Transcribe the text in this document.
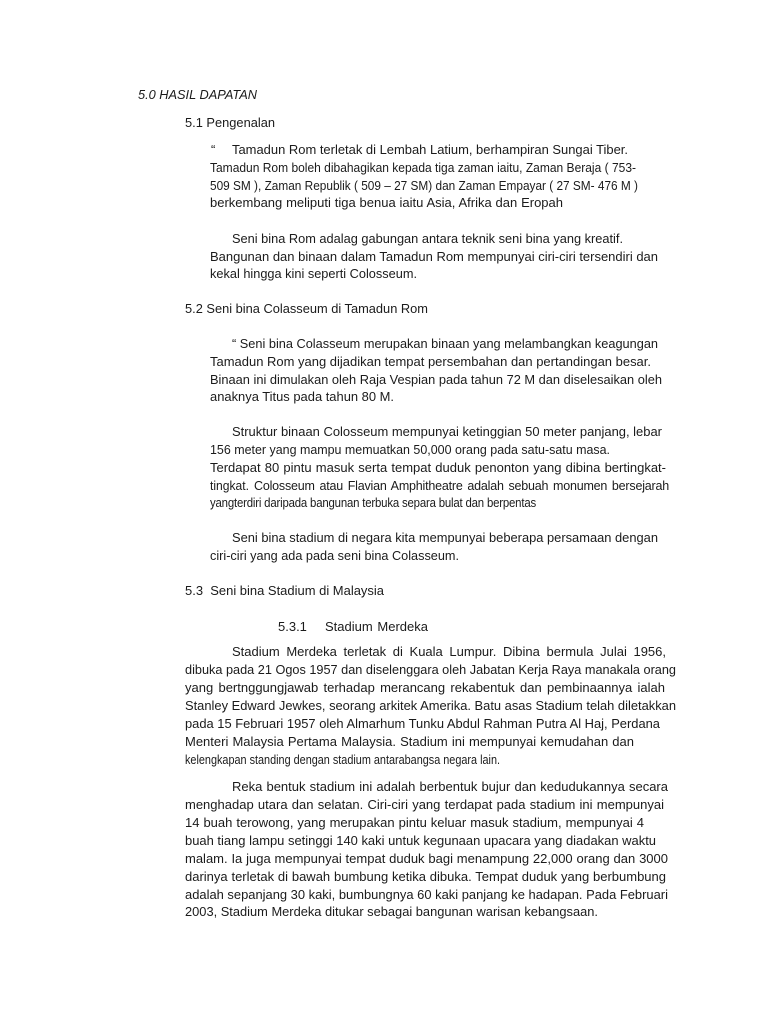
5.0 HASIL DAPATAN
5.1 Pengenalan
“ Tamadun Rom terletak di Lembah Latium, berhampiran Sungai Tiber.
Tamadun Rom boleh dibahagikan kepada tiga zaman iaitu, Zaman Beraja ( 753-
509 SM ), Zaman Republik ( 509 – 27 SM) dan Zaman Empayar ( 27 SM- 476 M )
berkembang meliputi tiga benua iaitu Asia, Afrika dan Eropah
Seni bina Rom adalag gabungan antara teknik seni bina yang kreatif.
Bangunan dan binaan dalam Tamadun Rom mempunyai ciri-ciri tersendiri dan
kekal hingga kini seperti Colosseum.
5.2 Seni bina Colasseum di Tamadun Rom
“ Seni bina Colasseum merupakan binaan yang melambangkan keagungan
Tamadun Rom yang dijadikan tempat persembahan dan pertandingan besar.
Binaan ini dimulakan oleh Raja Vespian pada tahun 72 M dan diselesaikan oleh
anaknya Titus pada tahun 80 M.
Struktur binaan Colosseum mempunyai ketinggian 50 meter panjang, lebar
156 meter yang mampu memuatkan 50,000 orang pada satu-satu masa.
Terdapat 80 pintu masuk serta tempat duduk penonton yang dibina bertingkat-
tingkat. Colosseum atau Flavian Amphitheatre adalah sebuah monumen bersejarah
yangterdiri daripada bangunan terbuka separa bulat dan berpentas
Seni bina stadium di negara kita mempunyai beberapa persamaan dengan
ciri-ciri yang ada pada seni bina Colasseum.
5.3  Seni bina Stadium di Malaysia
5.3.1 Stadium Merdeka
Stadium Merdeka terletak di Kuala Lumpur. Dibina bermula Julai 1956,
dibuka pada 21 Ogos 1957 dan diselenggara oleh Jabatan Kerja Raya manakala orang
yang bertnggungjawab terhadap merancang rekabentuk dan pembinaannya ialah
Stanley Edward Jewkes, seorang arkitek Amerika. Batu asas Stadium telah diletakkan
pada 15 Februari 1957 oleh Almarhum Tunku Abdul Rahman Putra Al Haj, Perdana
Menteri Malaysia Pertama Malaysia. Stadium ini mempunyai kemudahan dan
kelengkapan standing dengan stadium antarabangsa negara lain.
Reka bentuk stadium ini adalah berbentuk bujur dan kedudukannya secara
menghadap utara dan selatan. Ciri-ciri yang terdapat pada stadium ini mempunyai
14 buah terowong, yang merupakan pintu keluar masuk stadium, mempunyai 4
buah tiang lampu setinggi 140 kaki untuk kegunaan upacara yang diadakan waktu
malam. Ia juga mempunyai tempat duduk bagi menampung 22,000 orang dan 3000
darinya terletak di bawah bumbung ketika dibuka. Tempat duduk yang berbumbung
adalah sepanjang 30 kaki, bumbungnya 60 kaki panjang ke hadapan. Pada Februari
2003, Stadium Merdeka ditukar sebagai bangunan warisan kebangsaan.
